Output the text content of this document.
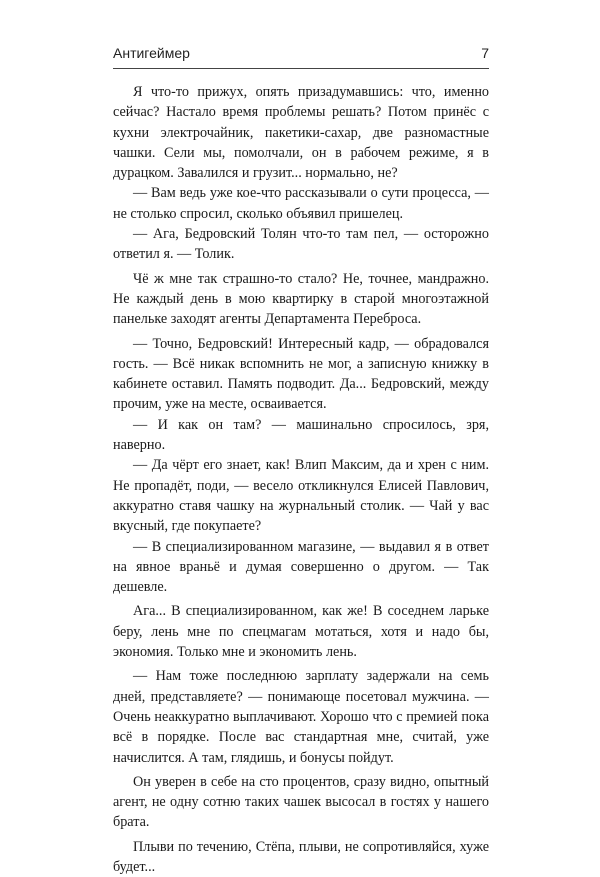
Антигеймер	7

Я что-то прижух, опять призадумавшись: что, именно сейчас? Настало время проблемы решать? Потом принёс с кухни электрочайник, пакетики-сахар, две разномастные чашки. Сели мы, помолчали, он в рабочем режиме, я в дурацком. Завалился и грузит... нормально, не?

— Вам ведь уже кое-что рассказывали о сути процесса, — не столько спросил, сколько объявил пришелец.

— Ага, Бедровский Толян что-то там пел, — осторожно ответил я. — Толик.

Чё ж мне так страшно-то стало? Не, точнее, мандражно. Не каждый день в мою квартирку в старой многоэтажной панельке заходят агенты Департамента Переброса.

— Точно, Бедровский! Интересный кадр, — обрадовался гость. — Всё никак вспомнить не мог, а записную книжку в кабинете оставил. Память подводит. Да... Бедровский, между прочим, уже на месте, осваивается.

— И как он там? — машинально спросилось, зря, наверно.

— Да чёрт его знает, как! Влип Максим, да и хрен с ним. Не пропадёт, поди, — весело откликнулся Елисей Павлович, аккуратно ставя чашку на журнальный столик. — Чай у вас вкусный, где покупаете?

— В специализированном магазине, — выдавил я в ответ на явное враньё и думая совершенно о другом. — Так дешевле.

Ага... В специализированном, как же! В соседнем ларьке беру, лень мне по спецмагам мотаться, хотя и надо бы, экономия. Только мне и экономить лень.

— Нам тоже последнюю зарплату задержали на семь дней, представляете? — понимающе посетовал мужчина. — Очень неаккуратно выплачивают. Хорошо что с премией пока всё в порядке. После вас стандартная мне, считай, уже начислится. А там, глядишь, и бонусы пойдут.

Он уверен в себе на сто процентов, сразу видно, опытный агент, не одну сотню таких чашек высосал в гостях у нашего брата.

Плыви по течению, Стёпа, плыви, не сопротивляйся, хуже будет...
